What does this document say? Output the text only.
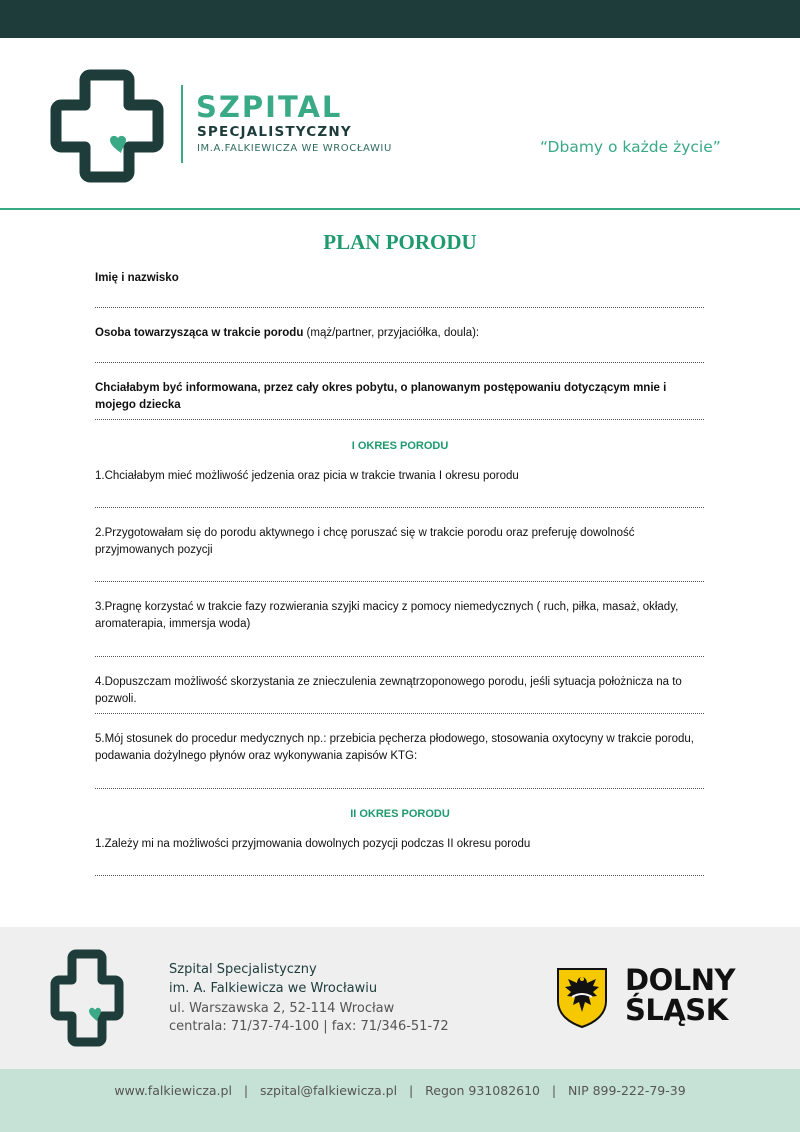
SZPITAL
SPECJALISTYCZNY
IM.A.FALKIEWICZA WE WROCŁAWIU	“Dbamy o każde życie”
PLAN PORODU
Imię i nazwisko
Osoba towarzysząca w trakcie porodu (mąż/partner, przyjaciółka, doula):
Chciałabym być informowana, przez cały okres pobytu, o planowanym postępowaniu dotyczącym mnie i mojego dziecka
I OKRES PORODU
1.Chciałabym mieć możliwość jedzenia oraz picia w trakcie trwania I okresu porodu
2.Przygotowałam się do porodu aktywnego i chcę poruszać się w trakcie porodu oraz preferuję dowolność przyjmowanych pozycji
3.Pragnę korzystać w trakcie fazy rozwierania szyjki macicy z pomocy niemedycznych ( ruch, piłka, masaż, okłady, aromaterapia, immersja woda)
4.Dopuszczam możliwość skorzystania ze znieczulenia zewnątrzoponowego porodu, jeśli sytuacja położnicza na to pozwoli.
5.Mój stosunek do procedur medycznych np.: przebicia pęcherza płodowego, stosowania oxytocyny w trakcie porodu, podawania dożylnego płynów oraz wykonywania zapisów KTG:
II OKRES PORODU
1.Zależy mi na możliwości przyjmowania dowolnych pozycji podczas II okresu porodu
Szpital Specjalistyczny
im. A. Falkiewicza we Wrocławiu
ul. Warszawska 2, 52-114 Wrocław
centrala: 71/37-74-100 | fax: 71/346-51-72
DOLNY
ŚLĄSK
www.falkiewicza.pl   |   szpital@falkiewicza.pl   |   Regon 931082610   |   NIP 899-222-79-39
